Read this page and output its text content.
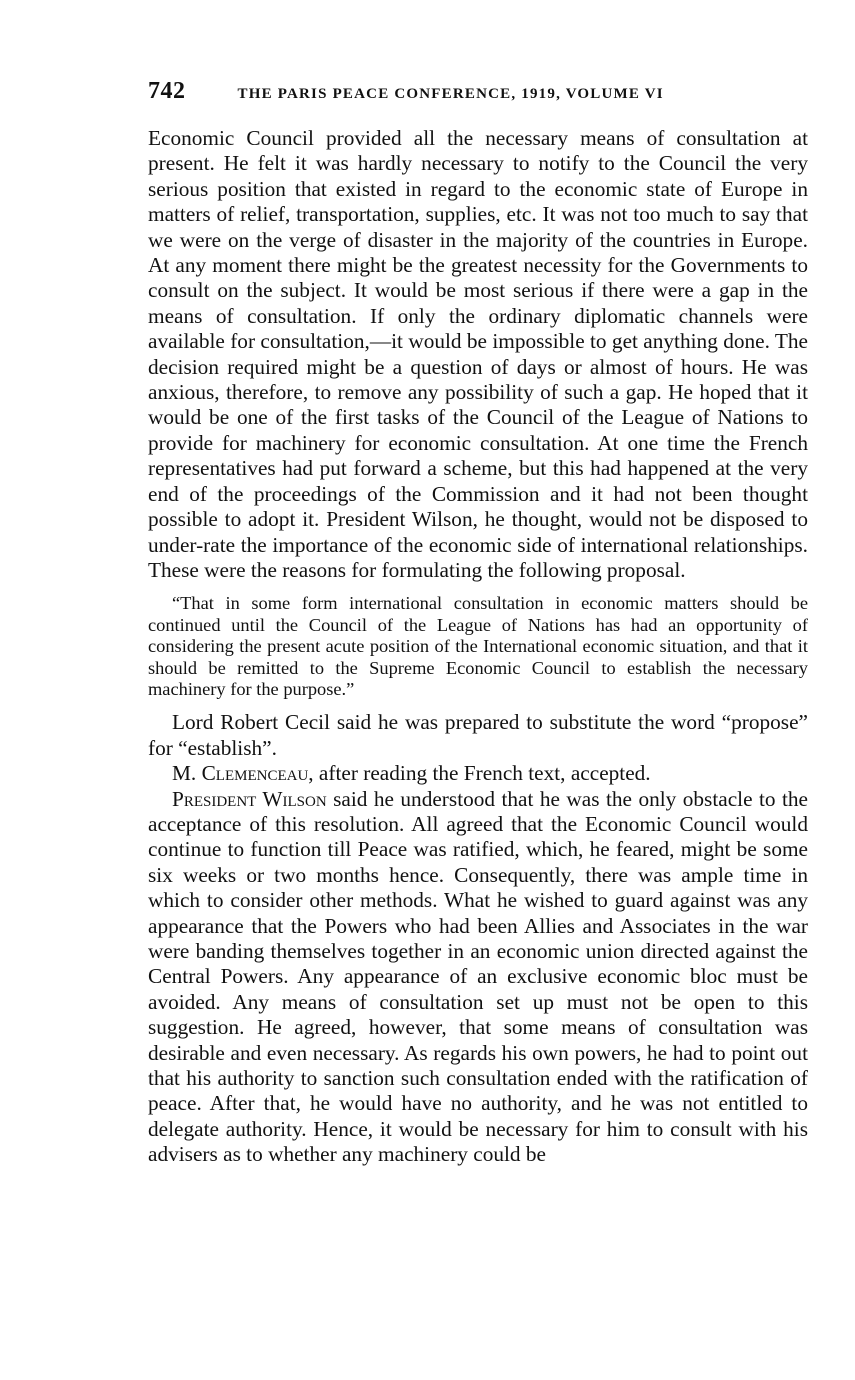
742	THE PARIS PEACE CONFERENCE, 1919, VOLUME VI

Economic Council provided all the necessary means of consultation at present. He felt it was hardly necessary to notify to the Council the very serious position that existed in regard to the economic state of Europe in matters of relief, transportation, supplies, etc. It was not too much to say that we were on the verge of disaster in the majority of the countries in Europe. At any moment there might be the greatest necessity for the Governments to consult on the subject. It would be most serious if there were a gap in the means of consultation. If only the ordinary diplomatic channels were available for consultation,—it would be impossible to get anything done. The decision required might be a question of days or almost of hours. He was anxious, therefore, to remove any possibility of such a gap. He hoped that it would be one of the first tasks of the Council of the League of Nations to provide for machinery for economic consultation. At one time the French representatives had put forward a scheme, but this had happened at the very end of the proceedings of the Commission and it had not been thought possible to adopt it. President Wilson, he thought, would not be disposed to under-rate the importance of the economic side of international relationships. These were the reasons for formulating the following proposal.

“That in some form international consultation in economic matters should be continued until the Council of the League of Nations has had an opportunity of considering the present acute position of the International economic situation, and that it should be remitted to the Supreme Economic Council to establish the necessary machinery for the purpose.”

Lord Robert Cecil said he was prepared to substitute the word “propose” for “establish”.

M. Clemenceau, after reading the French text, accepted.

President Wilson said he understood that he was the only obstacle to the acceptance of this resolution. All agreed that the Economic Council would continue to function till Peace was ratified, which, he feared, might be some six weeks or two months hence. Consequently, there was ample time in which to consider other methods. What he wished to guard against was any appearance that the Powers who had been Allies and Associates in the war were banding themselves together in an economic union directed against the Central Powers. Any appearance of an exclusive economic bloc must be avoided. Any means of consultation set up must not be open to this suggestion. He agreed, however, that some means of consultation was desirable and even necessary. As regards his own powers, he had to point out that his authority to sanction such consultation ended with the ratification of peace. After that, he would have no authority, and he was not entitled to delegate authority. Hence, it would be necessary for him to consult with his advisers as to whether any machinery could be
